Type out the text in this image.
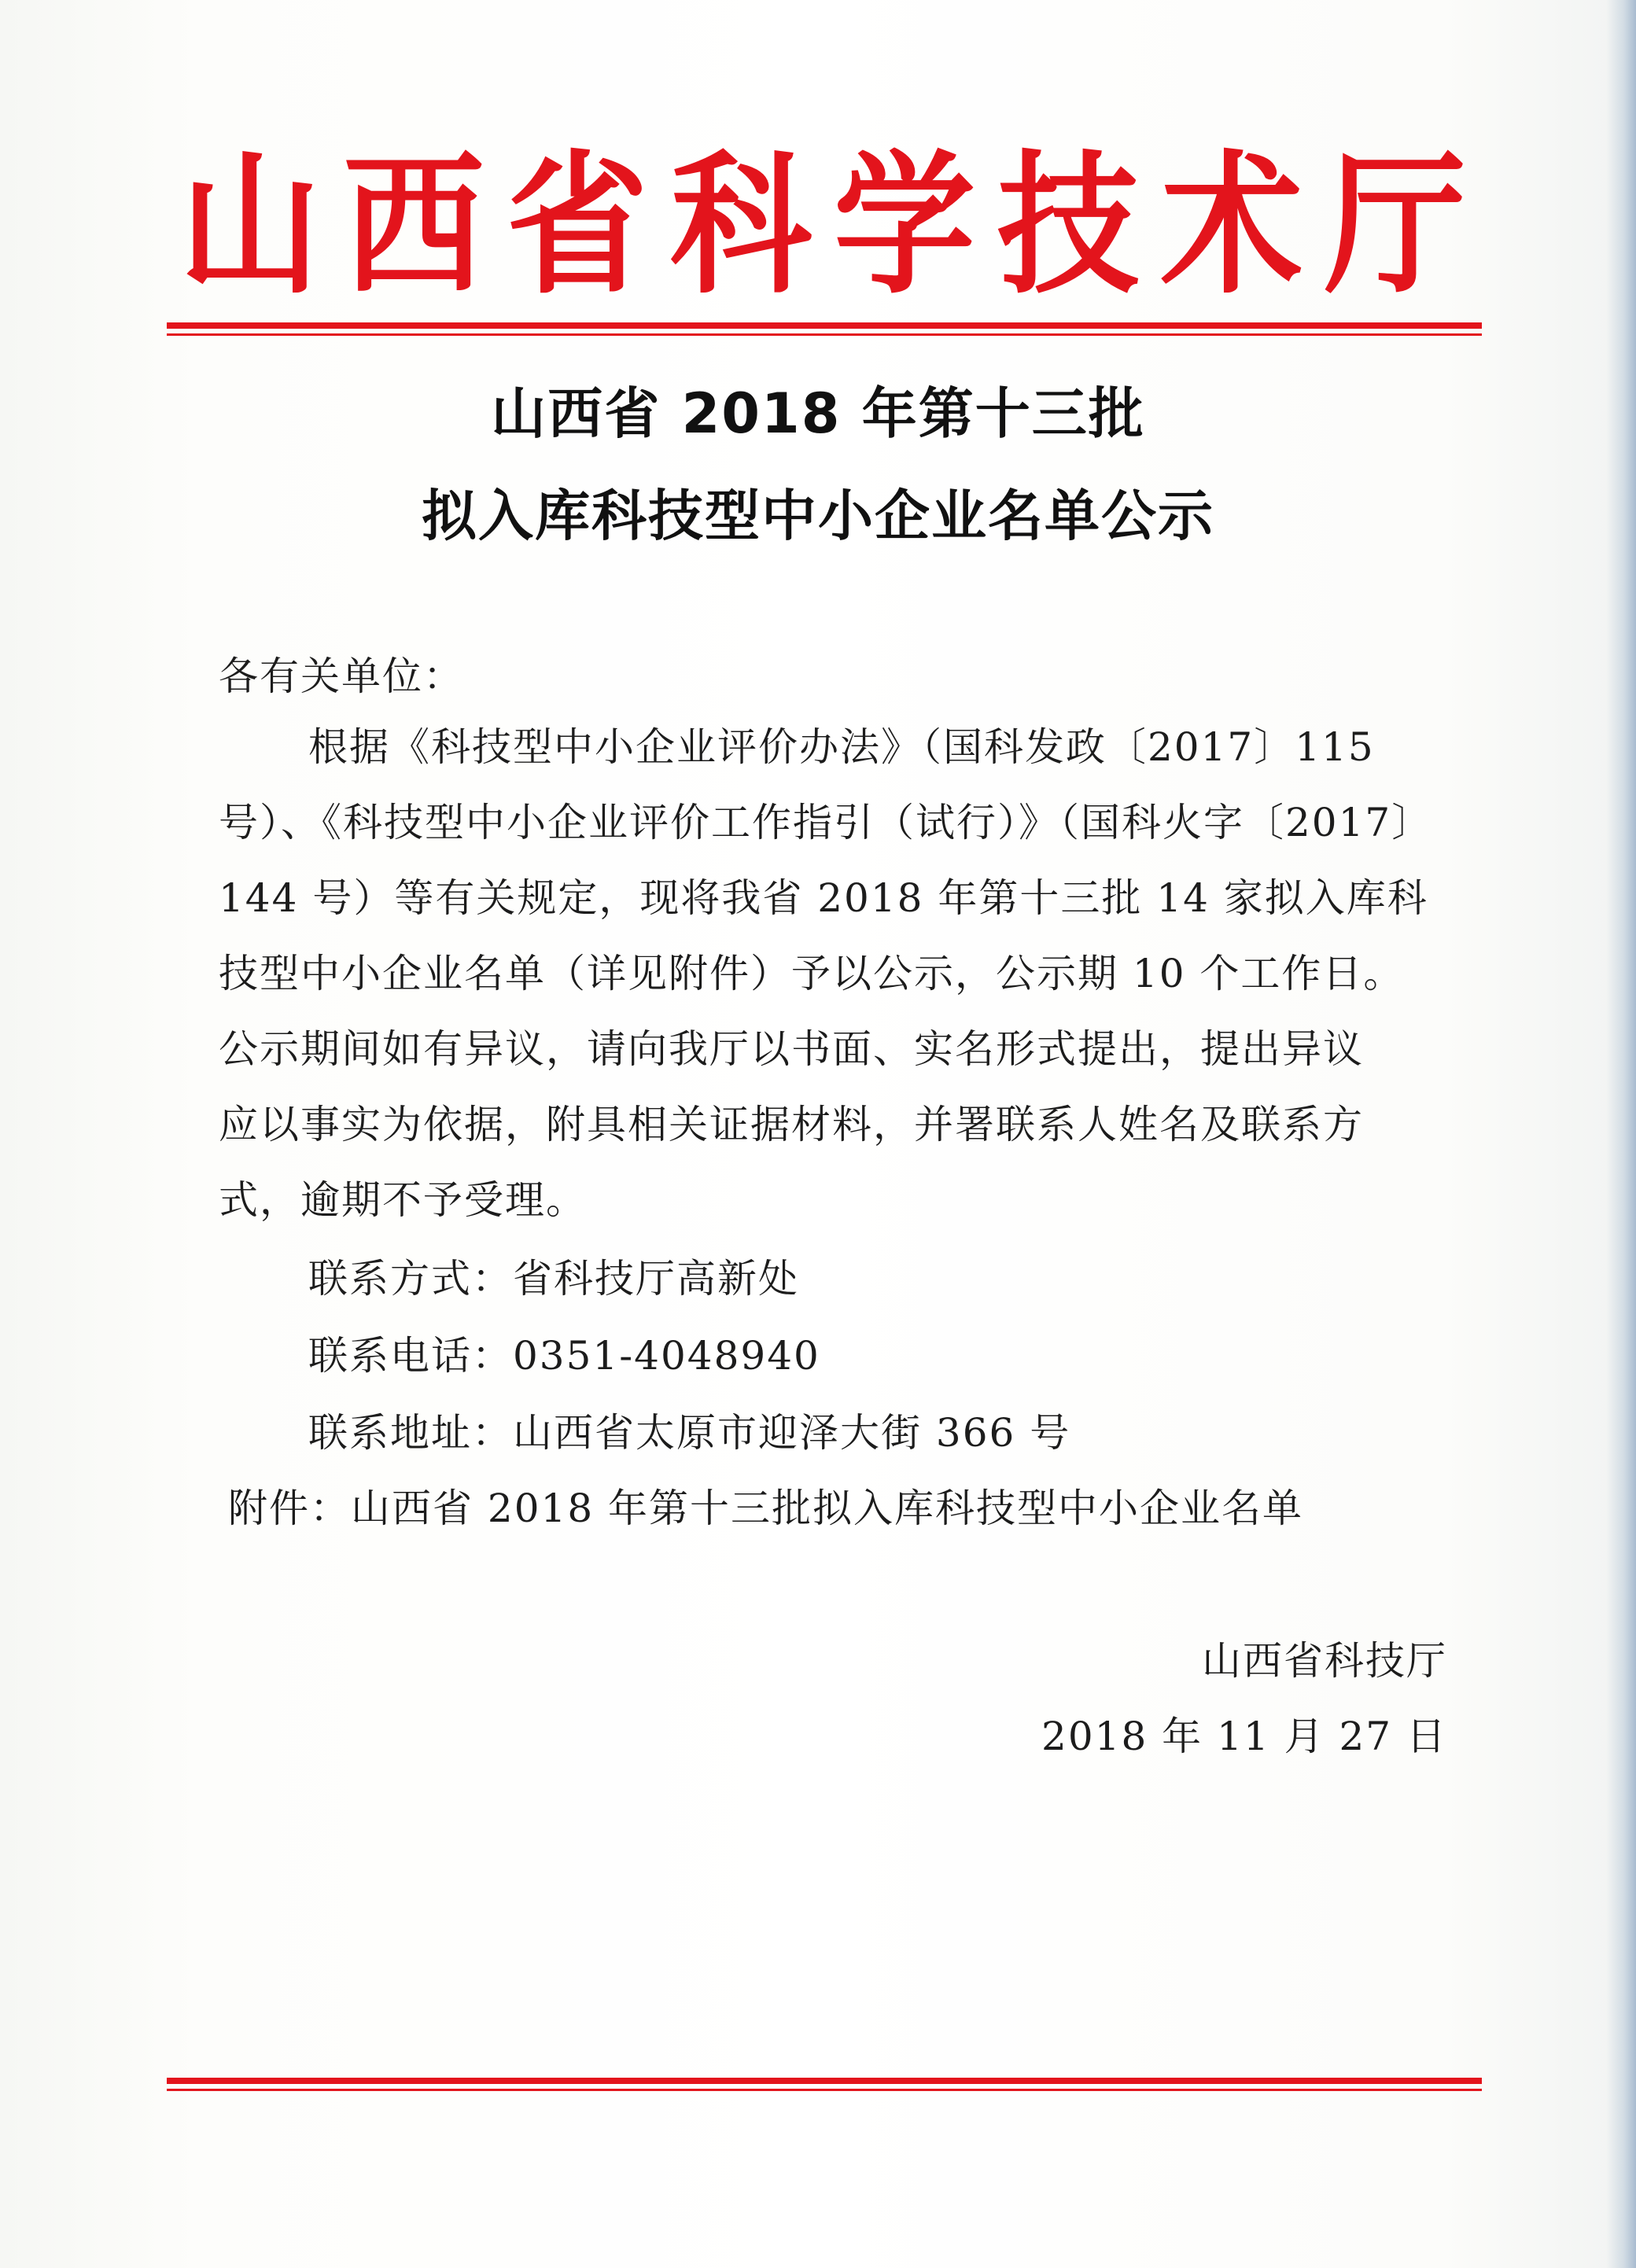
山西省科学技术厅
山西省 2018 年第十三批
拟入库科技型中小企业名单公示
各有关单位：
根据《科技型中小企业评价办法》（国科发政〔2017〕115
号）、《科技型中小企业评价工作指引（试行）》（国科火字〔2017〕
144 号）等有关规定，现将我省 2018 年第十三批 14 家拟入库科
技型中小企业名单（详见附件）予以公示，公示期 10 个工作日。
公示期间如有异议，请向我厅以书面、实名形式提出，提出异议
应以事实为依据，附具相关证据材料，并署联系人姓名及联系方
式，逾期不予受理。
联系方式：省科技厅高新处
联系电话：0351-4048940
联系地址：山西省太原市迎泽大街 366 号
附件：山西省 2018 年第十三批拟入库科技型中小企业名单
山西省科技厅
2018 年 11 月 27 日
